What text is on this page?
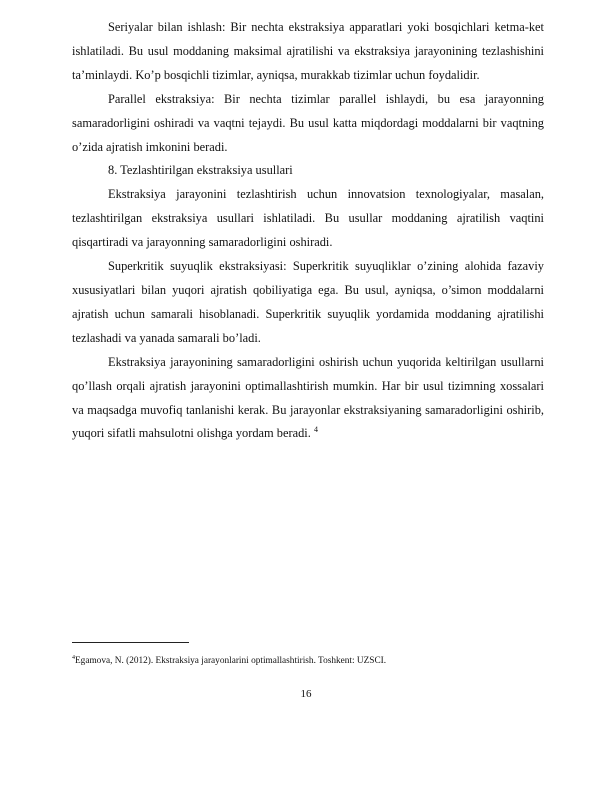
Seriyalar bilan ishlash: Bir nechta ekstraksiya apparatlari yoki bosqichlari ketma-ket ishlatiladi. Bu usul moddaning maksimal ajratilishi va ekstraksiya jarayonining tezlashishini ta’minlaydi. Ko’p bosqichli tizimlar, ayniqsa, murakkab tizimlar uchun foydalidir.

Parallel ekstraksiya: Bir nechta tizimlar parallel ishlaydi, bu esa jarayonning samaradorligini oshiradi va vaqtni tejaydi. Bu usul katta miqdordagi moddalarni bir vaqtning o’zida ajratish imkonini beradi.

8. Tezlashtirilgan ekstraksiya usullari

Ekstraksiya jarayonini tezlashtirish uchun innovatsion texnologiyalar, masalan, tezlashtirilgan ekstraksiya usullari ishlatiladi. Bu usullar moddaning ajratilish vaqtini qisqartiradi va jarayonning samaradorligini oshiradi.

Superkritik suyuqlik ekstraksiyasi: Superkritik suyuqliklar o’zining alohida fazaviy xususiyatlari bilan yuqori ajratish qobiliyatiga ega. Bu usul, ayniqsa, o’simon moddalarni ajratish uchun samarali hisoblanadi. Superkritik suyuqlik yordamida moddaning ajratilishi tezlashadi va yanada samarali bo’ladi.

Ekstraksiya jarayonining samaradorligini oshirish uchun yuqorida keltirilgan usullarni qo’llash orqali ajratish jarayonini optimallashtirish mumkin. Har bir usul tizimning xossalari va maqsadga muvofiq tanlanishi kerak. Bu jarayonlar ekstraksiyaning samaradorligini oshirib, yuqori sifatli mahsulotni olishga yordam beradi. $^4$

$^4$Egamova, N. (2012). Ekstraksiya jarayonlarini optimallashtirish. Toshkent: UZSCI.

16
